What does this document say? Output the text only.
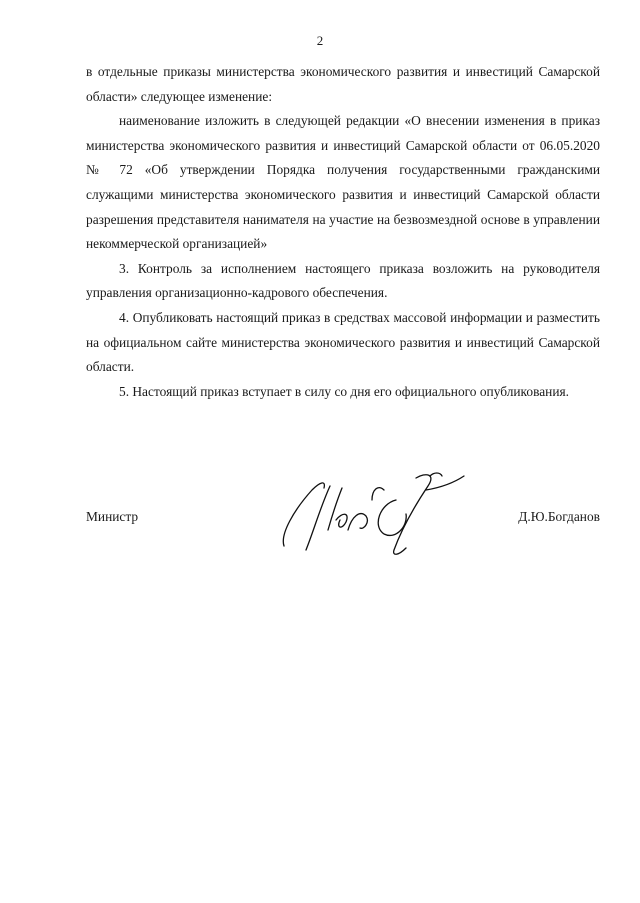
2

в отдельные приказы министерства экономического развития и инвестиций Самарской области» следующее изменение:

наименование изложить в следующей редакции «О внесении изменения в приказ министерства экономического развития и инвестиций Самарской области от 06.05.2020 № 72 «Об утверждении Порядка получения государственными гражданскими служащими министерства экономического развития и инвестиций Самарской области разрешения представителя нанимателя на участие на безвозмездной основе в управлении некоммерческой организацией»

3. Контроль за исполнением настоящего приказа возложить на руководителя управления организационно-кадрового обеспечения.

4. Опубликовать настоящий приказ в средствах массовой информации и разместить на официальном сайте министерства экономического развития и инвестиций Самарской области.

5. Настоящий приказ вступает в силу со дня его официального опубликования.

Министр	Д.Ю.Богданов
